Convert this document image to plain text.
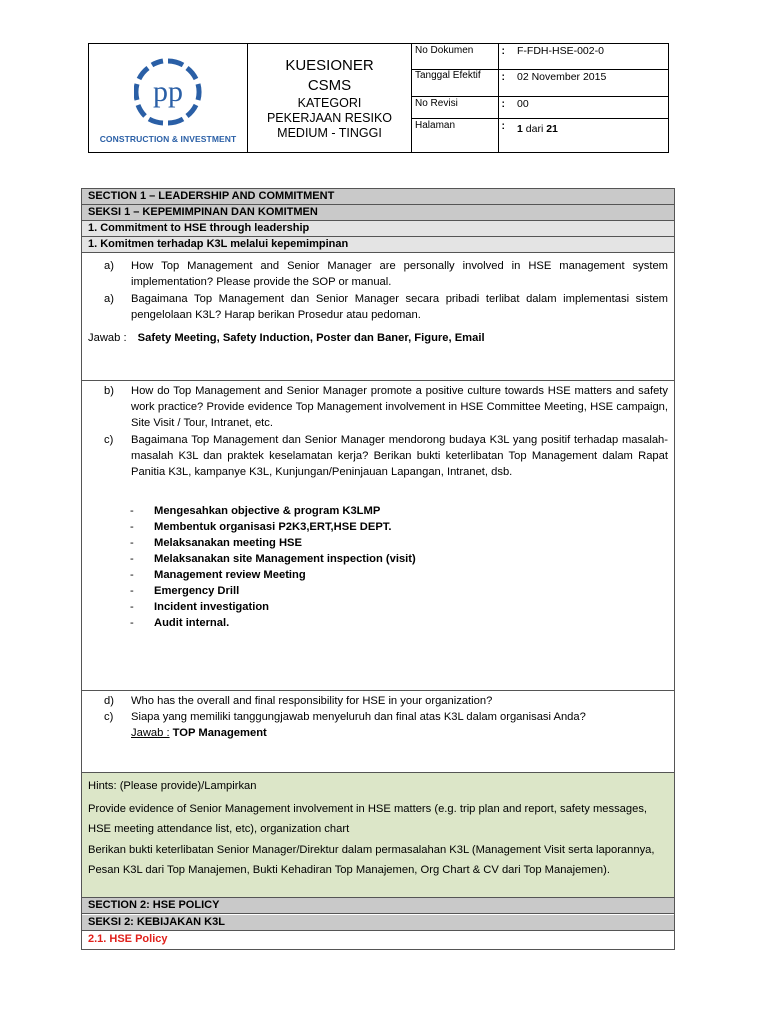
pp
CONSTRUCTION & INVESTMENT
KUESIONER
CSMS
KATEGORI
PEKERJAAN RESIKO
MEDIUM - TINGGI
No Dokumen	:	F-FDH-HSE-002-0
Tanggal Efektif	:	02 November 2015
No Revisi	:	00
Halaman	:	1 dari 21
SECTION 1 – LEADERSHIP AND COMMITMENT
SEKSI 1 – KEPEMIMPINAN DAN KOMITMEN
1. Commitment to HSE through leadership
1. Komitmen terhadap K3L melalui kepemimpinan
a) How Top Management and Senior Manager are personally involved in HSE management system implementation? Please provide the SOP or manual.
a) Bagaimana Top Management dan Senior Manager secara pribadi terlibat dalam implementasi sistem pengelolaan K3L? Harap berikan Prosedur atau pedoman.
Jawab : Safety Meeting, Safety Induction, Poster dan Baner, Figure, Email
b) How do Top Management and Senior Manager promote a positive culture towards HSE matters and safety work practice? Provide evidence Top Management involvement in HSE Committee Meeting, HSE campaign, Site Visit / Tour, Intranet, etc.
c) Bagaimana Top Management dan Senior Manager mendorong budaya K3L yang positif terhadap masalah-masalah K3L dan praktek keselamatan kerja? Berikan bukti keterlibatan Top Management dalam Rapat Panitia K3L, kampanye K3L, Kunjungan/Peninjauan Lapangan, Intranet, dsb.
- Mengesahkan objective & program K3LMP
- Membentuk organisasi P2K3,ERT,HSE DEPT.
- Melaksanakan meeting HSE
- Melaksanakan site Management inspection (visit)
- Management review Meeting
- Emergency Drill
- Incident investigation
- Audit internal.
d) Who has the overall and final responsibility for HSE in your organization?
c) Siapa yang memiliki tanggungjawab menyeluruh dan final atas K3L dalam organisasi Anda?
Jawab : TOP Management
Hints: (Please provide)/Lampirkan
Provide evidence of Senior Management involvement in HSE matters (e.g. trip plan and report, safety messages, HSE meeting attendance list, etc), organization chart
Berikan bukti keterlibatan Senior Manager/Direktur dalam permasalahan K3L (Management Visit serta laporannya, Pesan K3L dari Top Manajemen, Bukti Kehadiran Top Manajemen, Org Chart & CV dari Top Manajemen).
SECTION 2: HSE POLICY
SEKSI 2: KEBIJAKAN K3L
2.1. HSE Policy
